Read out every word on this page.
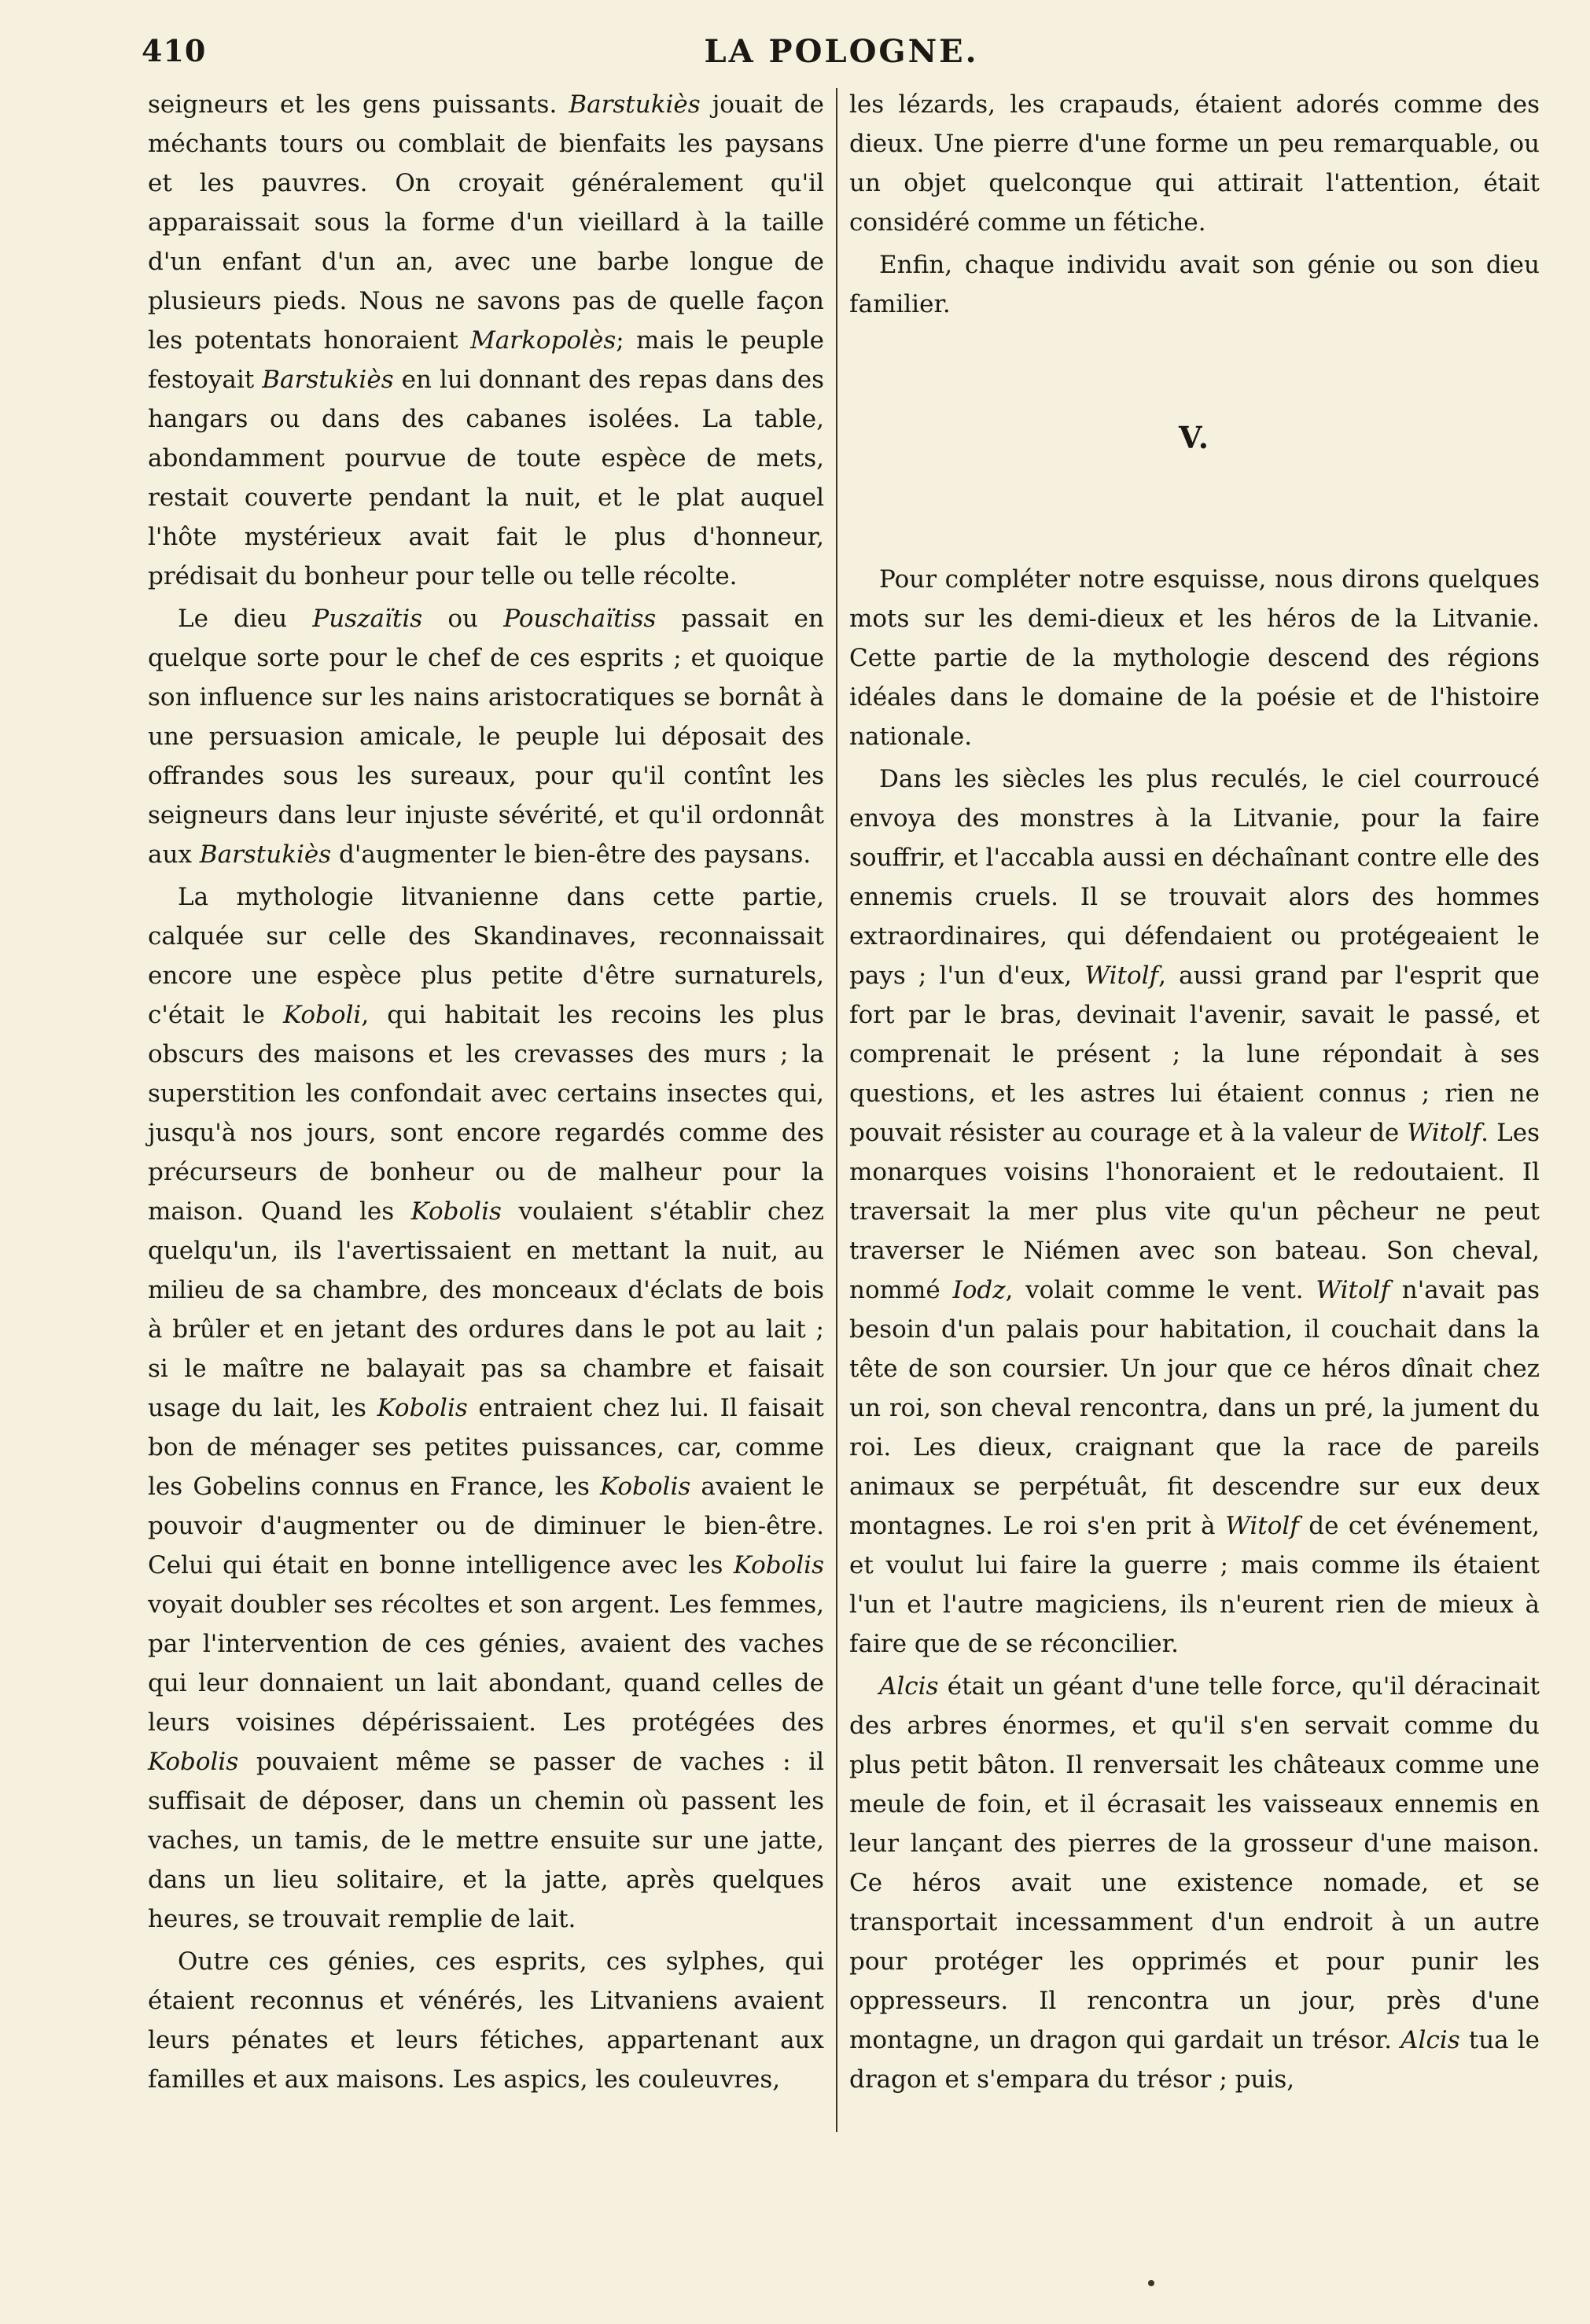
410	LA POLOGNE.

seigneurs et les gens puissants. Barstukiès jouait de méchants tours ou comblait de bienfaits les paysans et les pauvres. On croyait généralement qu'il apparaissait sous la forme d'un vieillard à la taille d'un enfant d'un an, avec une barbe longue de plusieurs pieds. Nous ne savons pas de quelle façon les potentats honoraient Markopolès; mais le peuple festoyait Barstukiès en lui donnant des repas dans des hangars ou dans des cabanes isolées. La table, abondamment pourvue de toute espèce de mets, restait couverte pendant la nuit, et le plat auquel l'hôte mystérieux avait fait le plus d'honneur, prédisait du bonheur pour telle ou telle récolte.

Le dieu Puszaïtis ou Pouschaïtiss passait en quelque sorte pour le chef de ces esprits ; et quoique son influence sur les nains aristocratiques se bornât à une persuasion amicale, le peuple lui déposait des offrandes sous les sureaux, pour qu'il contînt les seigneurs dans leur injuste sévérité, et qu'il ordonnât aux Barstukiès d'augmenter le bien-être des paysans.

La mythologie litvanienne dans cette partie, calquée sur celle des Skandinaves, reconnaissait encore une espèce plus petite d'être surnaturels, c'était le Koboli, qui habitait les recoins les plus obscurs des maisons et les crevasses des murs ; la superstition les confondait avec certains insectes qui, jusqu'à nos jours, sont encore regardés comme des précurseurs de bonheur ou de malheur pour la maison. Quand les Kobolis voulaient s'établir chez quelqu'un, ils l'avertissaient en mettant la nuit, au milieu de sa chambre, des monceaux d'éclats de bois à brûler et en jetant des ordures dans le pot au lait ; si le maître ne balayait pas sa chambre et faisait usage du lait, les Kobolis entraient chez lui. Il faisait bon de ménager ses petites puissances, car, comme les Gobelins connus en France, les Kobolis avaient le pouvoir d'augmenter ou de diminuer le bien-être. Celui qui était en bonne intelligence avec les Kobolis voyait doubler ses récoltes et son argent. Les femmes, par l'intervention de ces génies, avaient des vaches qui leur donnaient un lait abondant, quand celles de leurs voisines dépérissaient. Les protégées des Kobolis pouvaient même se passer de vaches : il suffisait de déposer, dans un chemin où passent les vaches, un tamis, de le mettre ensuite sur une jatte, dans un lieu solitaire, et la jatte, après quelques heures, se trouvait remplie de lait.

Outre ces génies, ces esprits, ces sylphes, qui étaient reconnus et vénérés, les Litvaniens avaient leurs pénates et leurs fétiches, appartenant aux familles et aux maisons. Les aspics, les couleuvres,

les lézards, les crapauds, étaient adorés comme des dieux. Une pierre d'une forme un peu remarquable, ou un objet quelconque qui attirait l'attention, était considéré comme un fétiche.

Enfin, chaque individu avait son génie ou son dieu familier.

V.

Pour compléter notre esquisse, nous dirons quelques mots sur les demi-dieux et les héros de la Litvanie. Cette partie de la mythologie descend des régions idéales dans le domaine de la poésie et de l'histoire nationale.

Dans les siècles les plus reculés, le ciel courroucé envoya des monstres à la Litvanie, pour la faire souffrir, et l'accabla aussi en déchaînant contre elle des ennemis cruels. Il se trouvait alors des hommes extraordinaires, qui défendaient ou protégeaient le pays ; l'un d'eux, Witolf, aussi grand par l'esprit que fort par le bras, devinait l'avenir, savait le passé, et comprenait le présent ; la lune répondait à ses questions, et les astres lui étaient connus ; rien ne pouvait résister au courage et à la valeur de Witolf. Les monarques voisins l'honoraient et le redoutaient. Il traversait la mer plus vite qu'un pêcheur ne peut traverser le Niémen avec son bateau. Son cheval, nommé Iodz, volait comme le vent. Witolf n'avait pas besoin d'un palais pour habitation, il couchait dans la tête de son coursier. Un jour que ce héros dînait chez un roi, son cheval rencontra, dans un pré, la jument du roi. Les dieux, craignant que la race de pareils animaux se perpétuât, fit descendre sur eux deux montagnes. Le roi s'en prit à Witolf de cet événement, et voulut lui faire la guerre ; mais comme ils étaient l'un et l'autre magiciens, ils n'eurent rien de mieux à faire que de se réconcilier.

Alcis était un géant d'une telle force, qu'il déracinait des arbres énormes, et qu'il s'en servait comme du plus petit bâton. Il renversait les châteaux comme une meule de foin, et il écrasait les vaisseaux ennemis en leur lançant des pierres de la grosseur d'une maison. Ce héros avait une existence nomade, et se transportait incessamment d'un endroit à un autre pour protéger les opprimés et pour punir les oppresseurs. Il rencontra un jour, près d'une montagne, un dragon qui gardait un trésor. Alcis tua le dragon et s'empara du trésor ; puis,
